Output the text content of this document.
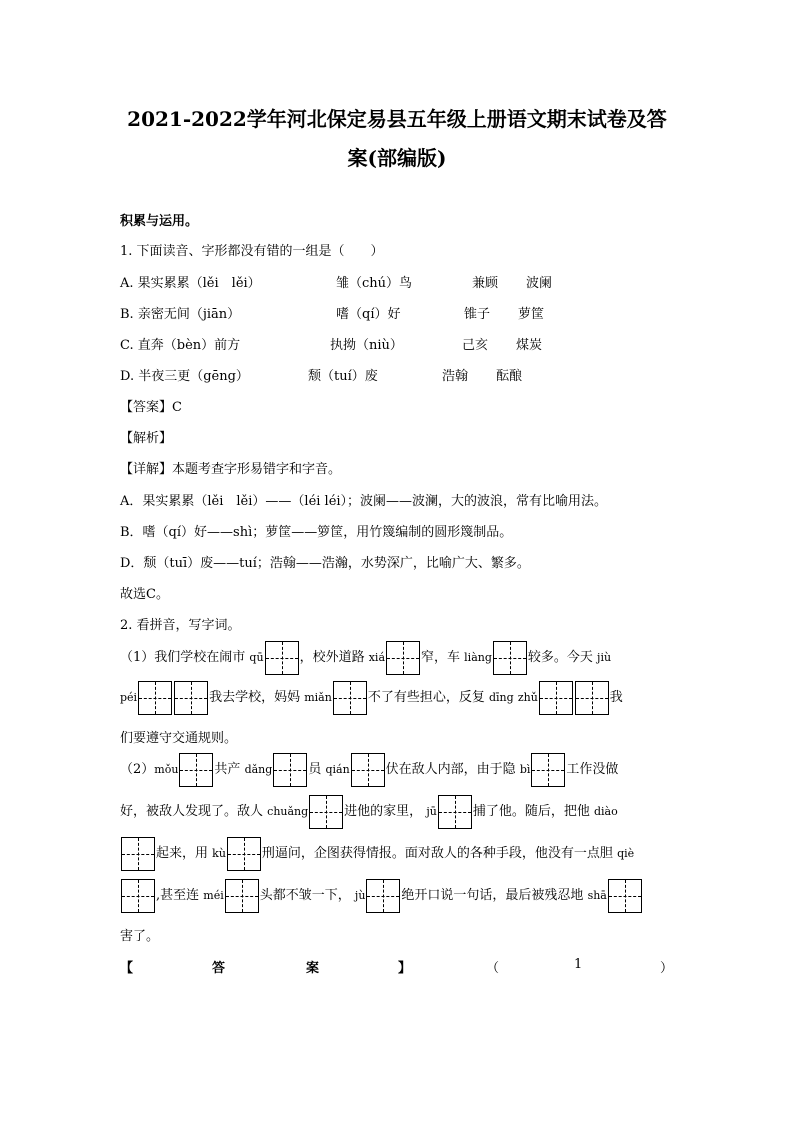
2021-2022学年河北保定易县五年级上册语文期末试卷及答
案(部编版)
积累与运用。
1. 下面读音、字形都没有错的一组是（　　）
A. 果实累累（lěi　lěi）	雏（chú）鸟	兼顾 波阑
B. 亲密无间（jiān）	嗜（qí）好	锥子 萝筐
C. 直奔（bèn）前方	执拗（niù）	己亥 煤炭
D. 半夜三更（gēng）	颓（tuí）废	浩翰 酝酿
【答案】C
【解析】
【详解】本题考查字形易错字和字音。
A．果实累累（lěi　lěi）——（léi léi）；波阑——波澜，大的波浪，常有比喻用法。
B．嗜（qí）好——shì；萝筐——箩筐，用竹篾编制的圆形篾制品。
D．颓（tuī）废——tuí；浩翰——浩瀚，水势深广，比喻广大、繁多。
故选C。
2. 看拼音，写字词。
（1）我们学校在闹市 qū	，校外道路 xiá	窄，车 liàng	较多。今天 jiù
péi	我去学校，妈妈 miǎn	不了有些担心，反复 dīng zhǔ	我
们要遵守交通规则。
（2）mǒu	共产 dǎng	员 qián	伏在敌人内部，由于隐 bì	工作没做
好，被敌人发现了。敌人 chuǎng	进他的家里， jū	捕了他。随后，把他 diào
起来，用 kù	刑逼问，企图获得情报。面对敌人的各种手段，他没有一点胆 qiè
,甚至连 méi	头都不皱一下， jù	绝开口说一句话，最后被残忍地 shā
害了。
【	答	案	】	（	1	）
